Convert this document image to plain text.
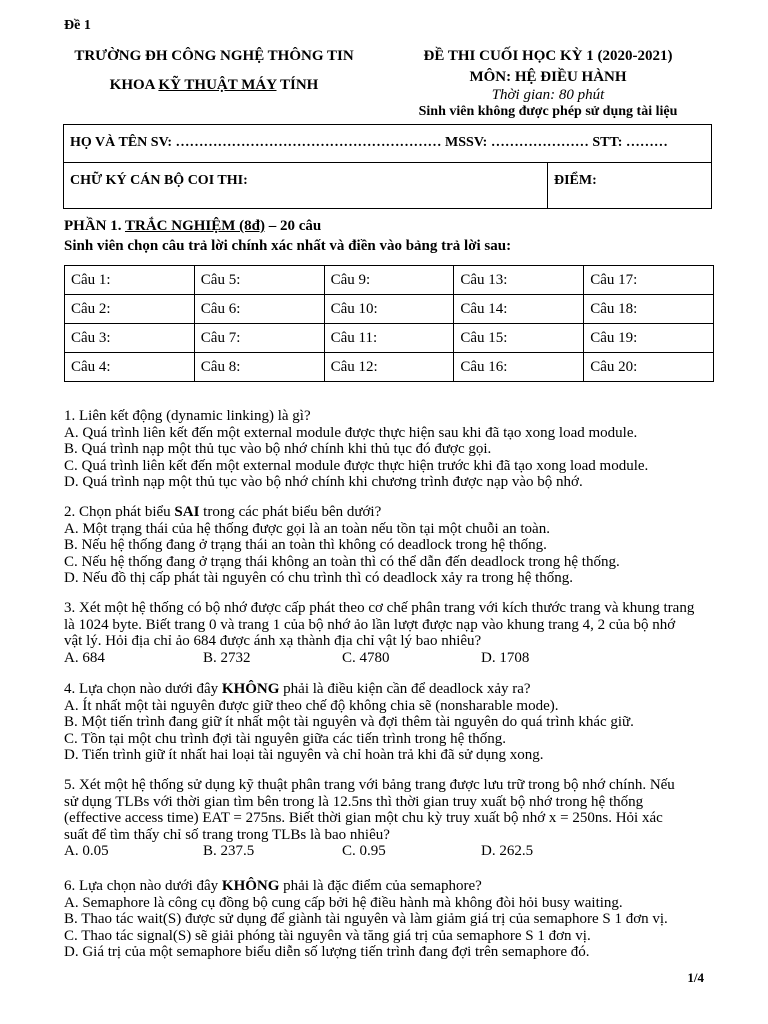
Đề 1
TRƯỜNG ĐH CÔNG NGHỆ THÔNG TIN
KHOA KỸ THUẬT MÁY TÍNH
ĐỀ THI CUỐI HỌC KỲ 1 (2020-2021)
MÔN: HỆ ĐIỀU HÀNH
Thời gian: 80 phút
Sinh viên không được phép sử dụng tài liệu
HỌ VÀ TÊN SV: ………………………………………………… MSSV: ………………… STT: ………
CHỮ KÝ CÁN BỘ COI THI:	ĐIỂM:
PHẦN 1. TRẮC NGHIỆM (8đ) – 20 câu
Sinh viên chọn câu trả lời chính xác nhất và điền vào bảng trả lời sau:
Câu 1:	Câu 5:	Câu 9:	Câu 13:	Câu 17:
Câu 2:	Câu 6:	Câu 10:	Câu 14:	Câu 18:
Câu 3:	Câu 7:	Câu 11:	Câu 15:	Câu 19:
Câu 4:	Câu 8:	Câu 12:	Câu 16:	Câu 20:
1. Liên kết động (dynamic linking) là gì?
A. Quá trình liên kết đến một external module được thực hiện sau khi đã tạo xong load module.
B. Quá trình nạp một thủ tục vào bộ nhớ chính khi thủ tục đó được gọi.
C. Quá trình liên kết đến một external module được thực hiện trước khi đã tạo xong load module.
D. Quá trình nạp một thủ tục vào bộ nhớ chính khi chương trình được nạp vào bộ nhớ.
2. Chọn phát biểu SAI trong các phát biểu bên dưới?
A. Một trạng thái của hệ thống được gọi là an toàn nếu tồn tại một chuỗi an toàn.
B. Nếu hệ thống đang ở trạng thái an toàn thì không có deadlock trong hệ thống.
C. Nếu hệ thống đang ở trạng thái không an toàn thì có thể dẫn đến deadlock trong hệ thống.
D. Nếu đồ thị cấp phát tài nguyên có chu trình thì có deadlock xảy ra trong hệ thống.
3. Xét một hệ thống có bộ nhớ được cấp phát theo cơ chế phân trang với kích thước trang và khung trang
là 1024 byte. Biết trang 0 và trang 1 của bộ nhớ ảo lần lượt được nạp vào khung trang 4, 2 của bộ nhớ
vật lý. Hỏi địa chỉ ảo 684 được ánh xạ thành địa chỉ vật lý bao nhiêu?
A. 684	B. 2732	C. 4780	D. 1708
4. Lựa chọn nào dưới đây KHÔNG phải là điều kiện cần để deadlock xảy ra?
A. Ít nhất một tài nguyên được giữ theo chế độ không chia sẽ (nonsharable mode).
B. Một tiến trình đang giữ ít nhất một tài nguyên và đợi thêm tài nguyên do quá trình khác giữ.
C. Tồn tại một chu trình đợi tài nguyên giữa các tiến trình trong hệ thống.
D. Tiến trình giữ ít nhất hai loại tài nguyên và chỉ hoàn trả khi đã sử dụng xong.
5. Xét một hệ thống sử dụng kỹ thuật phân trang với bảng trang được lưu trữ trong bộ nhớ chính. Nếu
sử dụng TLBs với thời gian tìm bên trong là 12.5ns thì thời gian truy xuất bộ nhớ trong hệ thống
(effective access time) EAT = 275ns. Biết thời gian một chu kỳ truy xuất bộ nhớ x = 250ns. Hỏi xác
suất để tìm thấy chỉ số trang trong TLBs là bao nhiêu?
A. 0.05	B. 237.5	C. 0.95	D. 262.5
6. Lựa chọn nào dưới đây KHÔNG phải là đặc điểm của semaphore?
A. Semaphore là công cụ đồng bộ cung cấp bởi hệ điều hành mà không đòi hỏi busy waiting.
B. Thao tác wait(S) được sử dụng để giành tài nguyên và làm giảm giá trị của semaphore S 1 đơn vị.
C. Thao tác signal(S) sẽ giải phóng tài nguyên và tăng giá trị của semaphore S 1 đơn vị.
D. Giá trị của một semaphore biểu diễn số lượng tiến trình đang đợi trên semaphore đó.
1/4
